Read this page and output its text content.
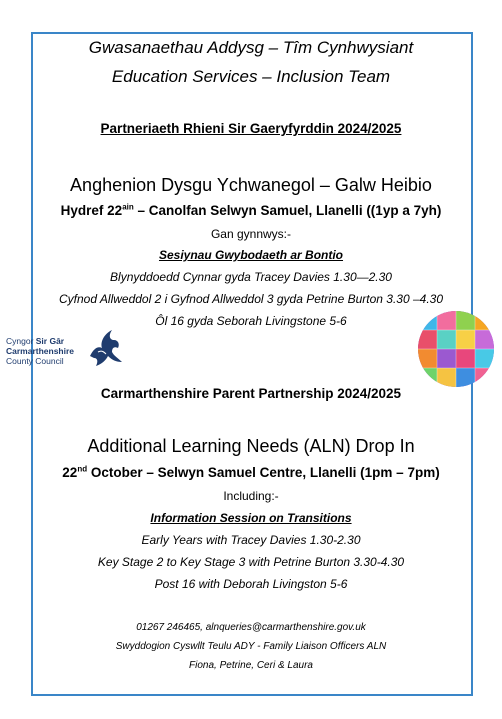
Gwasanaethau Addysg – Tîm Cynhwysiant
Education Services – Inclusion Team
Partneriaeth Rhieni Sir Gaeryfyrddin 2024/2025
Anghenion Dysgu Ychwanegol – Galw Heibio
Hydref $22^{ain}$ – Canolfan Selwyn Samuel, Llanelli ((1yp a 7yh)
Gan gynnwys:-
Sesiynau Gwybodaeth ar Bontio
Blynyddoedd Cynnar gyda Tracey Davies 1.30—2.30
Cyfnod Allweddol 2 i Gyfnod Allweddol 3 gyda Petrine Burton 3.30 –4.30
Ôl 16 gyda Seborah Livingstone 5-6
Cyngor Sir Gâr
Carmarthenshire
County Council
Carmarthenshire Parent Partnership 2024/2025
Additional Learning Needs (ALN) Drop In
22nd October – Selwyn Samuel Centre, Llanelli (1pm – 7pm)
Including:-
Information Session on Transitions
Early Years with Tracey Davies 1.30-2.30
Key Stage 2 to Key Stage 3 with Petrine Burton 3.30-4.30
Post 16 with Deborah Livingston 5-6
01267 246465, alnqueries@carmarthenshire.gov.uk
Swyddogion Cyswllt Teulu ADY - Family Liaison Officers ALN
Fiona, Petrine, Ceri & Laura
